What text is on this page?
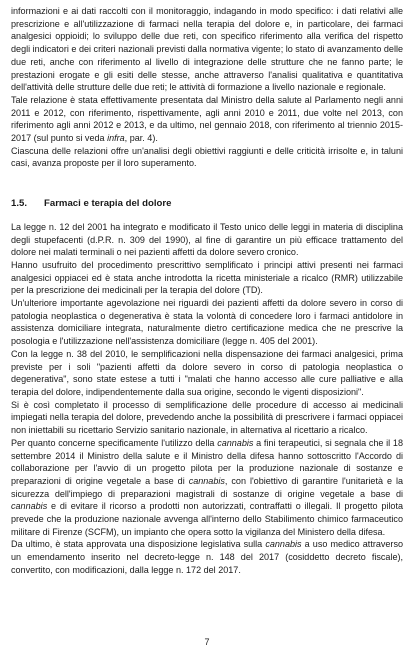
informazioni e ai dati raccolti con il monitoraggio, indagando in modo specifico: i dati relativi alle prescrizione e all'utilizzazione di farmaci nella terapia del dolore e, in particolare, dei farmaci analgesici oppioidi; lo sviluppo delle due reti, con specifico riferimento alla verifica del rispetto degli indicatori e dei criteri nazionali previsti dalla normativa vigente; lo stato di avanzamento delle due reti, anche con riferimento al livello di integrazione delle strutture che ne fanno parte; le prestazioni erogate e gli esiti delle stesse, anche attraverso l'analisi qualitativa e quantitativa dell'attività delle strutture delle due reti; le attività di formazione a livello nazionale e regionale.

Tale relazione è stata effettivamente presentata dal Ministro della salute al Parlamento negli anni 2011 e 2012, con riferimento, rispettivamente, agli anni 2010 e 2011, due volte nel 2013, con riferimento agli anni 2012 e 2013, e da ultimo, nel gennaio 2018, con riferimento al triennio 2015-2017 (sul punto si veda infra, par. 4).

Ciascuna delle relazioni offre un'analisi degli obiettivi raggiunti e delle criticità irrisolte e, in taluni casi, avanza proposte per il loro superamento.

1.5.	Farmaci e terapia del dolore

La legge n. 12 del 2001 ha integrato e modificato il Testo unico delle leggi in materia di disciplina degli stupefacenti (d.P.R. n. 309 del 1990), al fine di garantire un più efficace trattamento del dolore nei malati terminali o nei pazienti affetti da dolore severo cronico.

Hanno usufruito del procedimento prescrittivo semplificato i principi attivi presenti nei farmaci analgesici oppiacei ed è stata anche introdotta la ricetta ministeriale a ricalco (RMR) utilizzabile per la prescrizione dei medicinali per la terapia del dolore (TD).

Un'ulteriore importante agevolazione nei riguardi dei pazienti affetti da dolore severo in corso di patologia neoplastica o degenerativa è stata la volontà di concedere loro i farmaci antidolore in assistenza domiciliare integrata, naturalmente dietro certificazione medica che ne prescrive la posologia e l'utilizzazione nell'assistenza domiciliare (legge n. 405 del 2001).

Con la legge n. 38 del 2010, le semplificazioni nella dispensazione dei farmaci analgesici, prima previste per i soli "pazienti affetti da dolore severo in corso di patologia neoplastica o degenerativa", sono state estese a tutti i "malati che hanno accesso alle cure palliative e alla terapia del dolore, indipendentemente dalla sua origine, secondo le vigenti disposizioni".

Si è così completato il processo di semplificazione delle procedure di accesso ai medicinali impiegati nella terapia del dolore, prevedendo anche la possibilità di prescrivere i farmaci oppiacei non iniettabili su ricettario Servizio sanitario nazionale, in alternativa al ricettario a ricalco.

Per quanto concerne specificamente l'utilizzo della cannabis a fini terapeutici, si segnala che il 18 settembre 2014 il Ministro della salute e il Ministro della difesa hanno sottoscritto l'Accordo di collaborazione per l'avvio di un progetto pilota per la produzione nazionale di sostanze e preparazioni di origine vegetale a base di cannabis, con l'obiettivo di garantire l'unitarietà e la sicurezza dell'impiego di preparazioni magistrali di sostanze di origine vegetale a base di cannabis e di evitare il ricorso a prodotti non autorizzati, contraffatti o illegali. Il progetto pilota prevede che la produzione nazionale avvenga all'interno dello Stabilimento chimico farmaceutico militare di Firenze (SCFM), un impianto che opera sotto la vigilanza del Ministero della difesa.

Da ultimo, è stata approvata una disposizione legislativa sulla cannabis a uso medico attraverso un emendamento inserito nel decreto-legge n. 148 del 2017 (cosiddetto decreto fiscale), convertito, con modificazioni, dalla legge n. 172 del 2017.

7
